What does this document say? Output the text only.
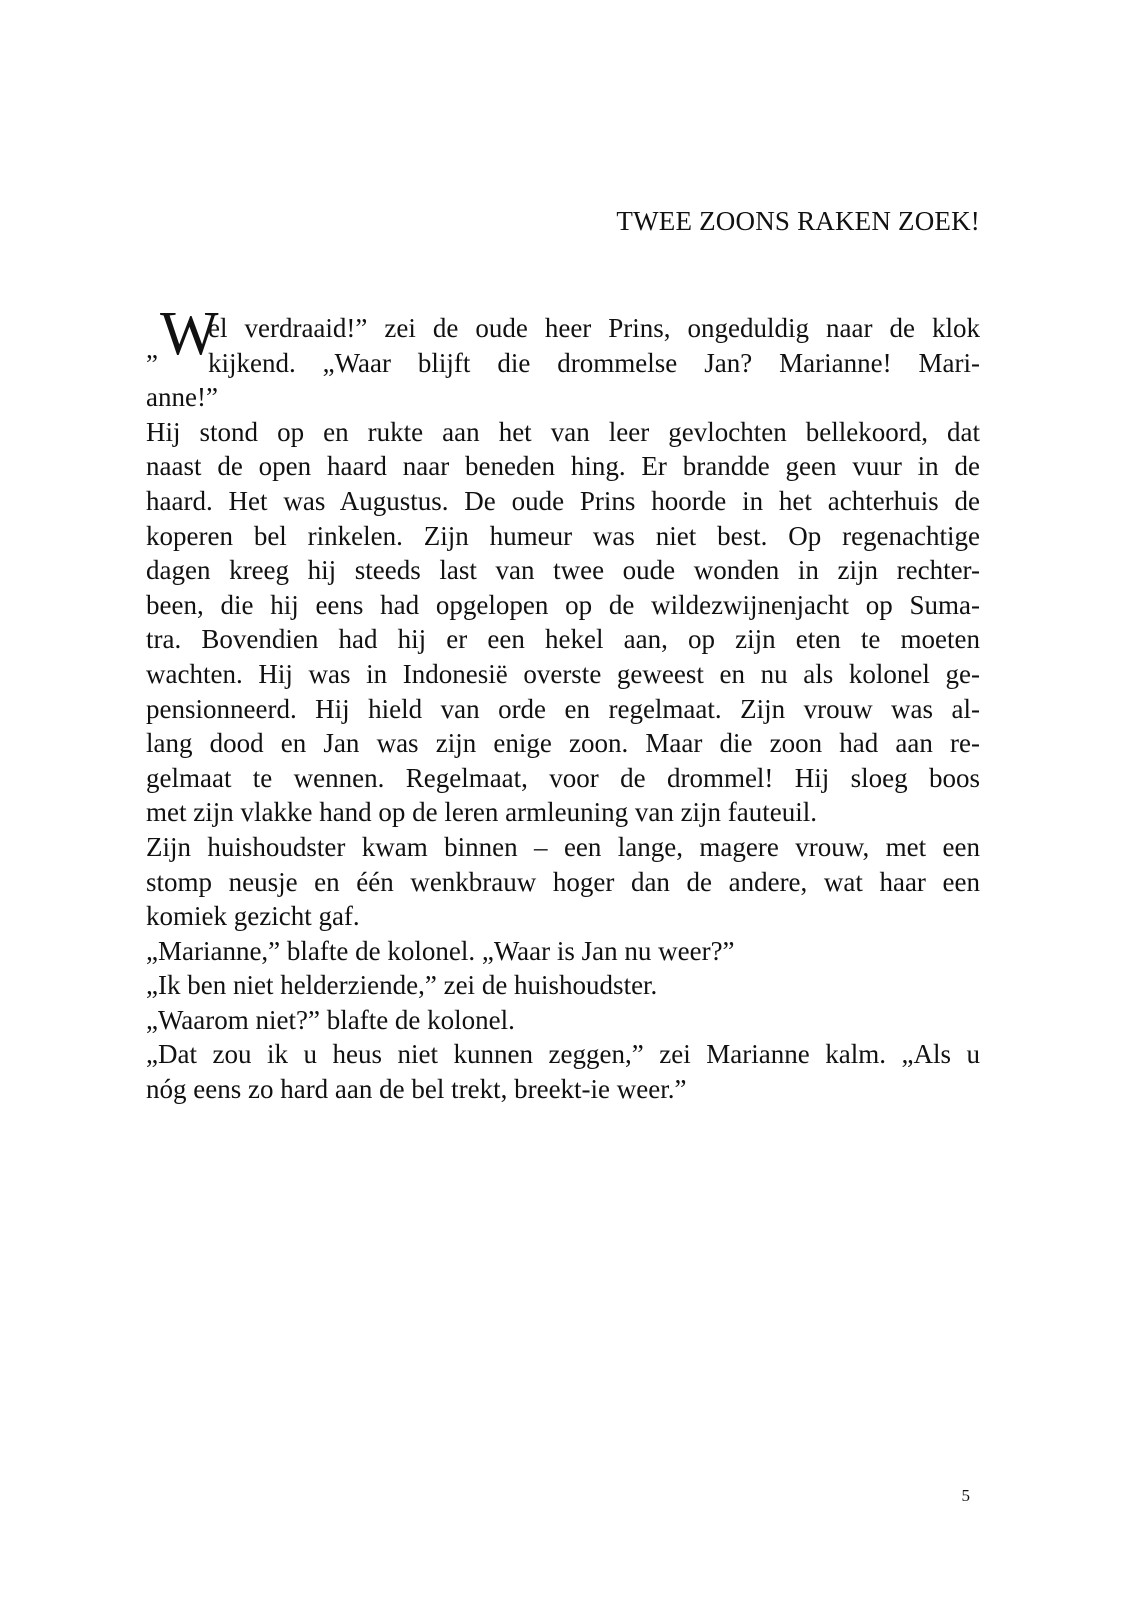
TWEE ZOONS RAKEN ZOEK!
W
”
el verdraaid!” zei de oude heer Prins, ongeduldig naar de klok
kijkend. „Waar blijft die drommelse Jan? Marianne! Mari-
anne!”
Hij stond op en rukte aan het van leer gevlochten bellekoord, dat
naast de open haard naar beneden hing. Er brandde geen vuur in de
haard. Het was Augustus. De oude Prins hoorde in het achterhuis de
koperen bel rinkelen. Zijn humeur was niet best. Op regenachtige
dagen kreeg hij steeds last van twee oude wonden in zijn rechter-
been, die hij eens had opgelopen op de wildezwijnenjacht op Suma-
tra. Bovendien had hij er een hekel aan, op zijn eten te moeten
wachten. Hij was in Indonesië overste geweest en nu als kolonel ge-
pensionneerd. Hij hield van orde en regelmaat. Zijn vrouw was al-
lang dood en Jan was zijn enige zoon. Maar die zoon had aan re-
gelmaat te wennen. Regelmaat, voor de drommel! Hij sloeg boos
met zijn vlakke hand op de leren armleuning van zijn fauteuil.
Zijn huishoudster kwam binnen – een lange, magere vrouw, met een
stomp neusje en één wenkbrauw hoger dan de andere, wat haar een
komiek gezicht gaf.
„Marianne,” blafte de kolonel. „Waar is Jan nu weer?”
„Ik ben niet helderziende,” zei de huishoudster.
„Waarom niet?” blafte de kolonel.
„Dat zou ik u heus niet kunnen zeggen,” zei Marianne kalm. „Als u
nóg eens zo hard aan de bel trekt, breekt-ie weer.”
5
